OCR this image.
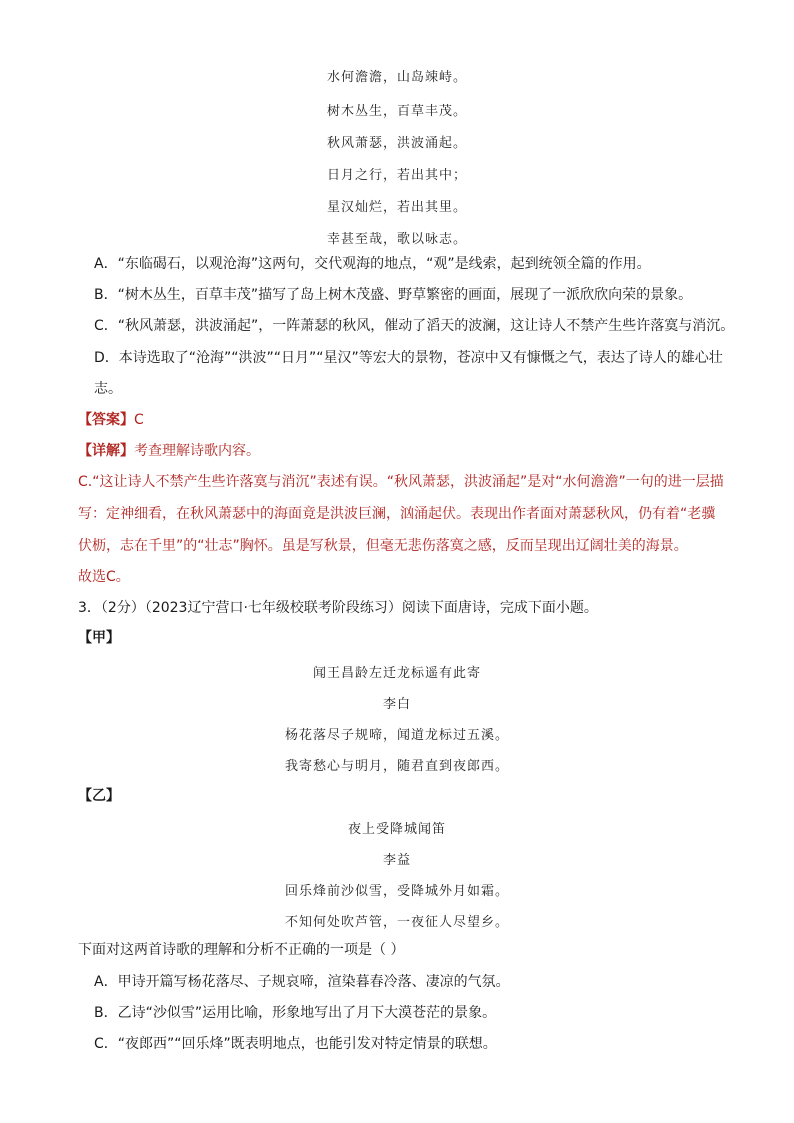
水何澹澹，山岛竦峙。
树木丛生，百草丰茂。
秋风萧瑟，洪波涌起。
日月之行，若出其中；
星汉灿烂，若出其里。
幸甚至哉，歌以咏志。
A．“东临碣石，以观沧海”这两句，交代观海的地点，“观”是线索，起到统领全篇的作用。
B．“树木丛生，百草丰茂”描写了岛上树木茂盛、野草繁密的画面，展现了一派欣欣向荣的景象。
C．“秋风萧瑟，洪波涌起”，一阵萧瑟的秋风，催动了滔天的波澜，这让诗人不禁产生些许落寞与消沉。
D．本诗选取了“沧海”“洪波”“日月”“星汉”等宏大的景物，苍凉中又有慷慨之气，表达了诗人的雄心壮
志。
【答案】C
【详解】考查理解诗歌内容。
C.“这让诗人不禁产生些许落寞与消沉”表述有误。“秋风萧瑟，洪波涌起”是对“水何澹澹”一句的进一层描
写：定神细看，在秋风萧瑟中的海面竟是洪波巨澜，汹涌起伏。表现出作者面对萧瑟秋风，仍有着“老骥
伏枥，志在千里”的“壮志”胸怀。虽是写秋景，但毫无悲伤落寞之感，反而呈现出辽阔壮美的海景。
故选C。
3．（2分）（2023辽宁营口·七年级校联考阶段练习）阅读下面唐诗，完成下面小题。
【甲】
闻王昌龄左迁龙标遥有此寄
李白
杨花落尽子规啼，闻道龙标过五溪。
我寄愁心与明月，随君直到夜郎西。
【乙】
夜上受降城闻笛
李益
回乐烽前沙似雪，受降城外月如霜。
不知何处吹芦管，一夜征人尽望乡。
下面对这两首诗歌的理解和分析不正确的一项是（ ）
A．甲诗开篇写杨花落尽、子规哀啼，渲染暮春冷落、凄凉的气氛。
B．乙诗“沙似雪”运用比喻，形象地写出了月下大漠苍茫的景象。
C．“夜郎西”“回乐烽”既表明地点，也能引发对特定情景的联想。
